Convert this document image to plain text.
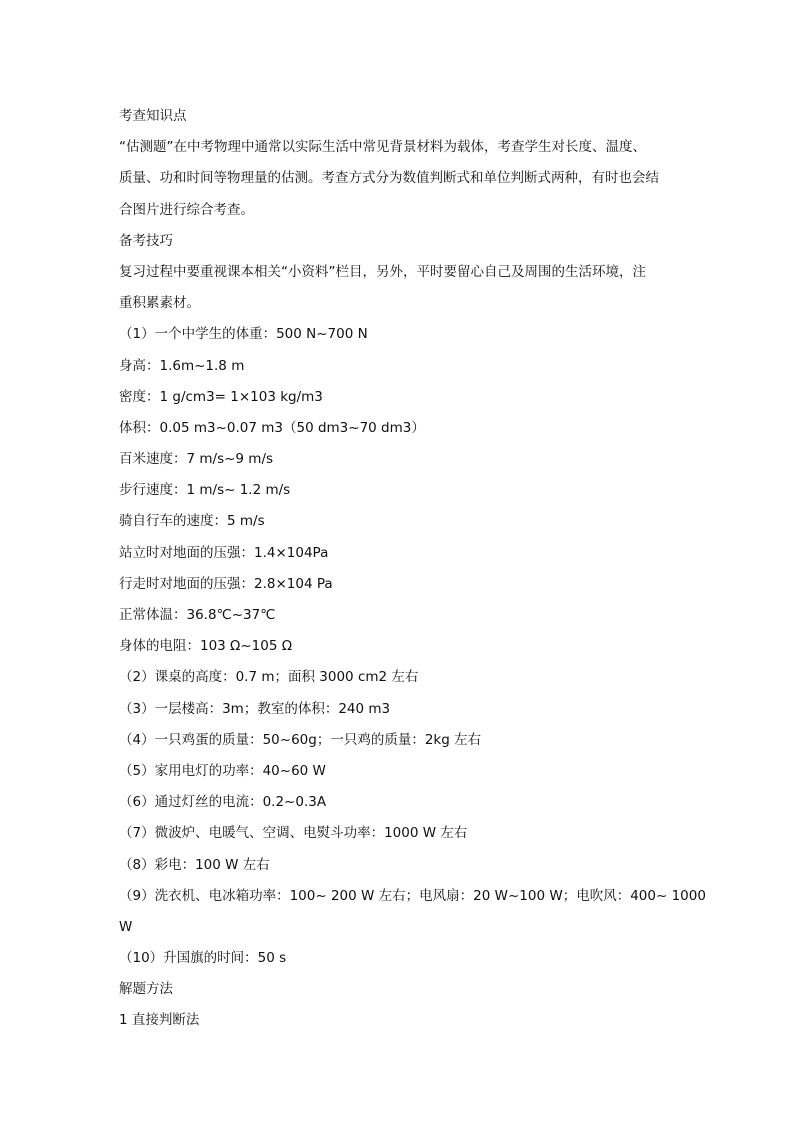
考查知识点
“估测题”在中考物理中通常以实际生活中常见背景材料为载体，考查学生对长度、温度、
质量、功和时间等物理量的估测。考查方式分为数值判断式和单位判断式两种，有时也会结
合图片进行综合考查。
备考技巧
复习过程中要重视课本相关“小资料”栏目，另外，平时要留心自己及周围的生活环境，注
重积累素材。
（1）一个中学生的体重：500 N~700 N
身高：1.6m~1.8 m
密度：1 g/cm3= 1×103 kg/m3
体积：0.05 m3~0.07 m3（50 dm3~70 dm3）
百米速度：7 m/s~9 m/s
步行速度：1 m/s~ 1.2 m/s
骑自行车的速度：5 m/s
站立时对地面的压强：1.4×104Pa
行走时对地面的压强：2.8×104 Pa
正常体温：36.8℃~37℃
身体的电阻：103 Ω~105 Ω
（2）课桌的高度：0.7 m；面积 3000 cm2 左右
（3）一层楼高：3m；教室的体积：240 m3
（4）一只鸡蛋的质量：50~60g；一只鸡的质量：2kg 左右
（5）家用电灯的功率：40~60 W
（6）通过灯丝的电流：0.2~0.3A
（7）微波炉、电暖气、空调、电熨斗功率：1000 W 左右
（8）彩电：100 W 左右
（9）洗衣机、电冰箱功率：100~ 200 W 左右；电风扇：20 W~100 W；电吹风：400~ 1000
W
（10）升国旗的时间：50 s
解题方法
1 直接判断法
